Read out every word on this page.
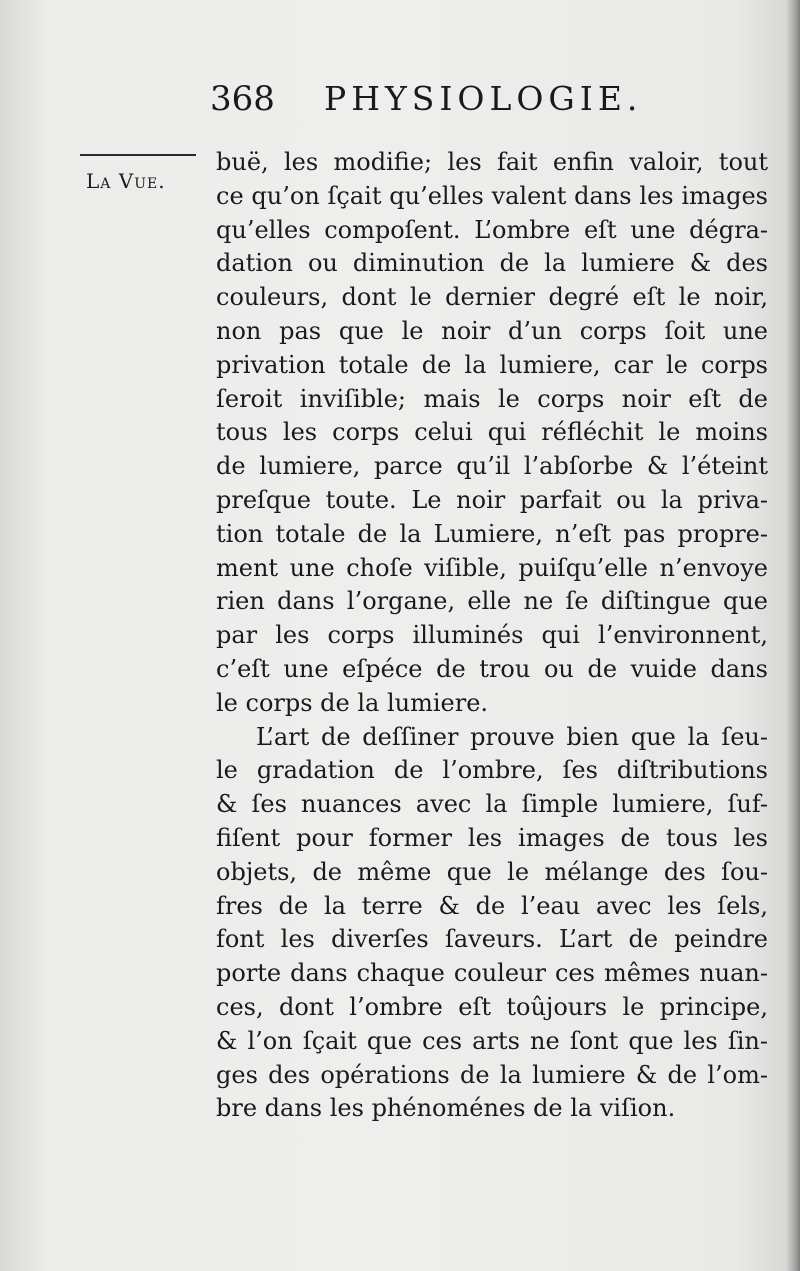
368 PHYSIOLOGIE.
La Vue.
buë, les modifie; les fait enfin valoir, tout
ce qu’on ſçait qu’elles valent dans les images
qu’elles compoſent. L’ombre eſt une dégra-
dation ou diminution de la lumiere & des
couleurs, dont le dernier degré eſt le noir,
non pas que le noir d’un corps ſoit une
privation totale de la lumiere, car le corps
ſeroit inviſible; mais le corps noir eſt de
tous les corps celui qui réfléchit le moins
de lumiere, parce qu’il l’abſorbe & l’éteint
preſque toute. Le noir parfait ou la priva-
tion totale de la Lumiere, n’eſt pas propre-
ment une choſe viſible, puiſqu’elle n’envoye
rien dans l’organe, elle ne ſe diſtingue que
par les corps illuminés qui l’environnent,
c’eſt une eſpéce de trou ou de vuide dans
le corps de la lumiere.
L’art de deſſiner prouve bien que la ſeu-
le gradation de l’ombre, ſes diſtributions
& ſes nuances avec la ſimple lumiere, ſuf-
fiſent pour former les images de tous les
objets, de même que le mélange des ſou-
fres de la terre & de l’eau avec les ſels,
font les diverſes ſaveurs. L’art de peindre
porte dans chaque couleur ces mêmes nuan-
ces, dont l’ombre eſt toûjours le principe,
& l’on ſçait que ces arts ne ſont que les ſin-
ges des opérations de la lumiere & de l’om-
bre dans les phénoménes de la viſion.
